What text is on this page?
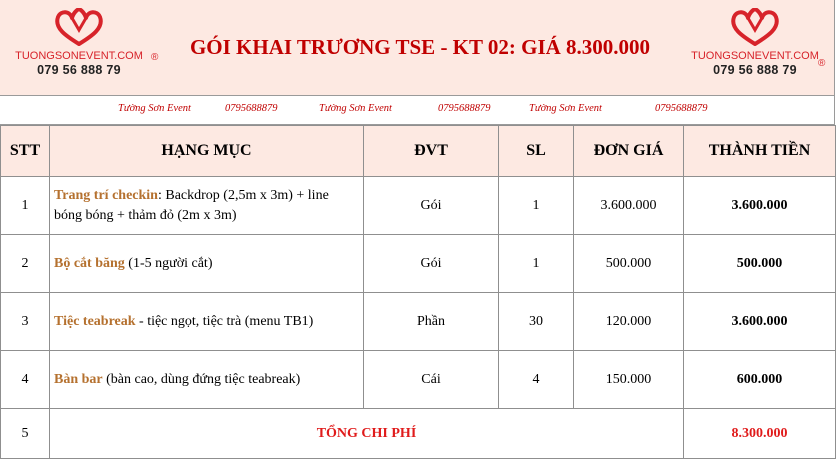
TUONGSONEVENT.COM
079 56 888 79
®	GÓI KHAI TRƯƠNG TSE - KT 02: GIÁ 8.300.000	TUONGSONEVENT.COM
079 56 888 79	®
Tường Sơn Event	0795688879	Tường Sơn Event	0795688879	Tường Sơn Event	0795688879
STT	HẠNG MỤC	ĐVT	SL	ĐƠN GIÁ	THÀNH TIỀN
1	Trang trí checkin: Backdrop (2,5m x 3m) + line bóng bóng + thảm đỏ (2m x 3m)	Gói	1	3.600.000	3.600.000
2	Bộ cắt băng (1-5 người cắt)	Gói	1	500.000	500.000
3	Tiệc teabreak - tiệc ngọt, tiệc trà (menu TB1)	Phần	30	120.000	3.600.000
4	Bàn bar (bàn cao, dùng đứng tiệc teabreak)	Cái	4	150.000	600.000
5	TỔNG CHI PHÍ				8.300.000
